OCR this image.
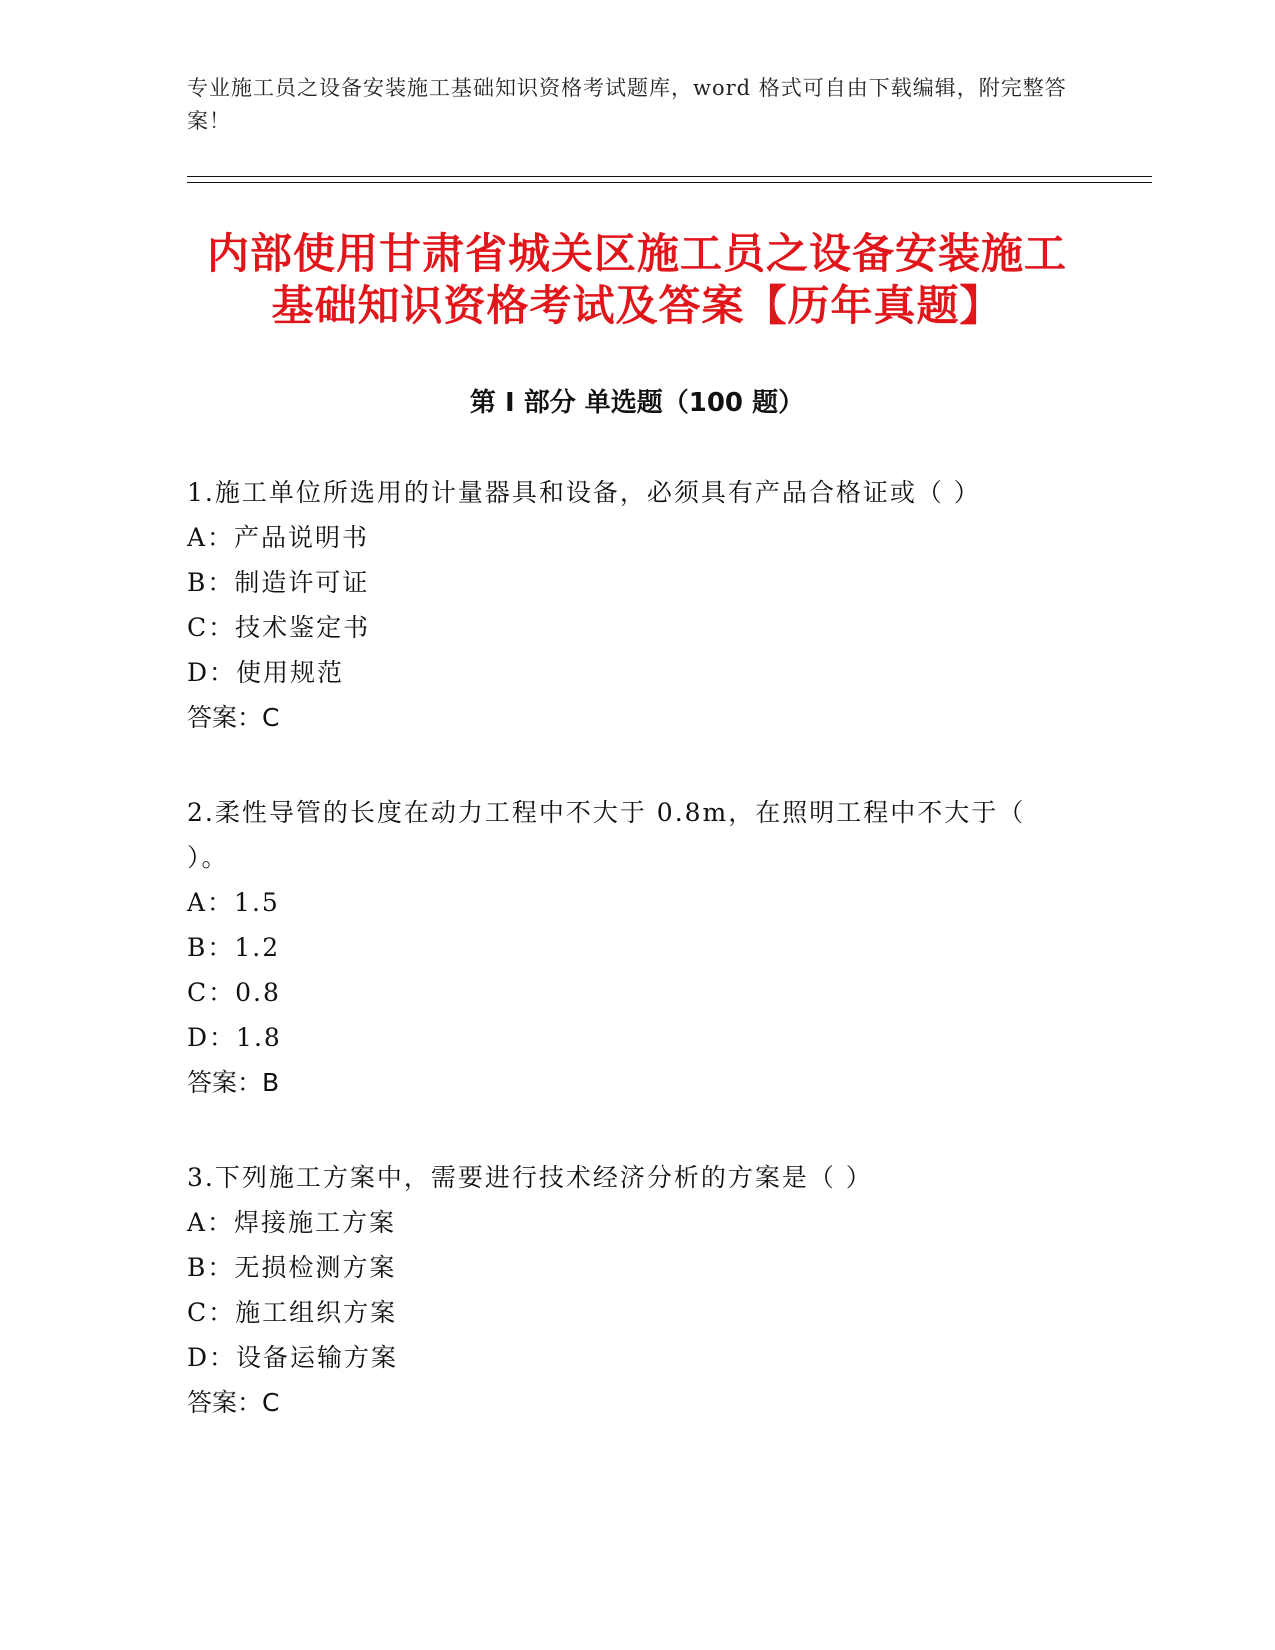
专业施工员之设备安装施工基础知识资格考试题库，word 格式可自由下载编辑，附完整答案！
内部使用甘肃省城关区施工员之设备安装施工基础知识资格考试及答案【历年真题】
第 I 部分 单选题（100 题）

1.施工单位所选用的计量器具和设备，必须具有产品合格证或（ ）

A：产品说明书

B：制造许可证

C：技术鉴定书

D：使用规范

答案：C

2.柔性导管的长度在动力工程中不大于 0.8m，在照明工程中不大于（ ）。

A：1.5

B：1.2

C：0.8

D：1.8

答案：B

3.下列施工方案中，需要进行技术经济分析的方案是（ ）

A：焊接施工方案

B：无损检测方案

C：施工组织方案

D：设备运输方案

答案：C
